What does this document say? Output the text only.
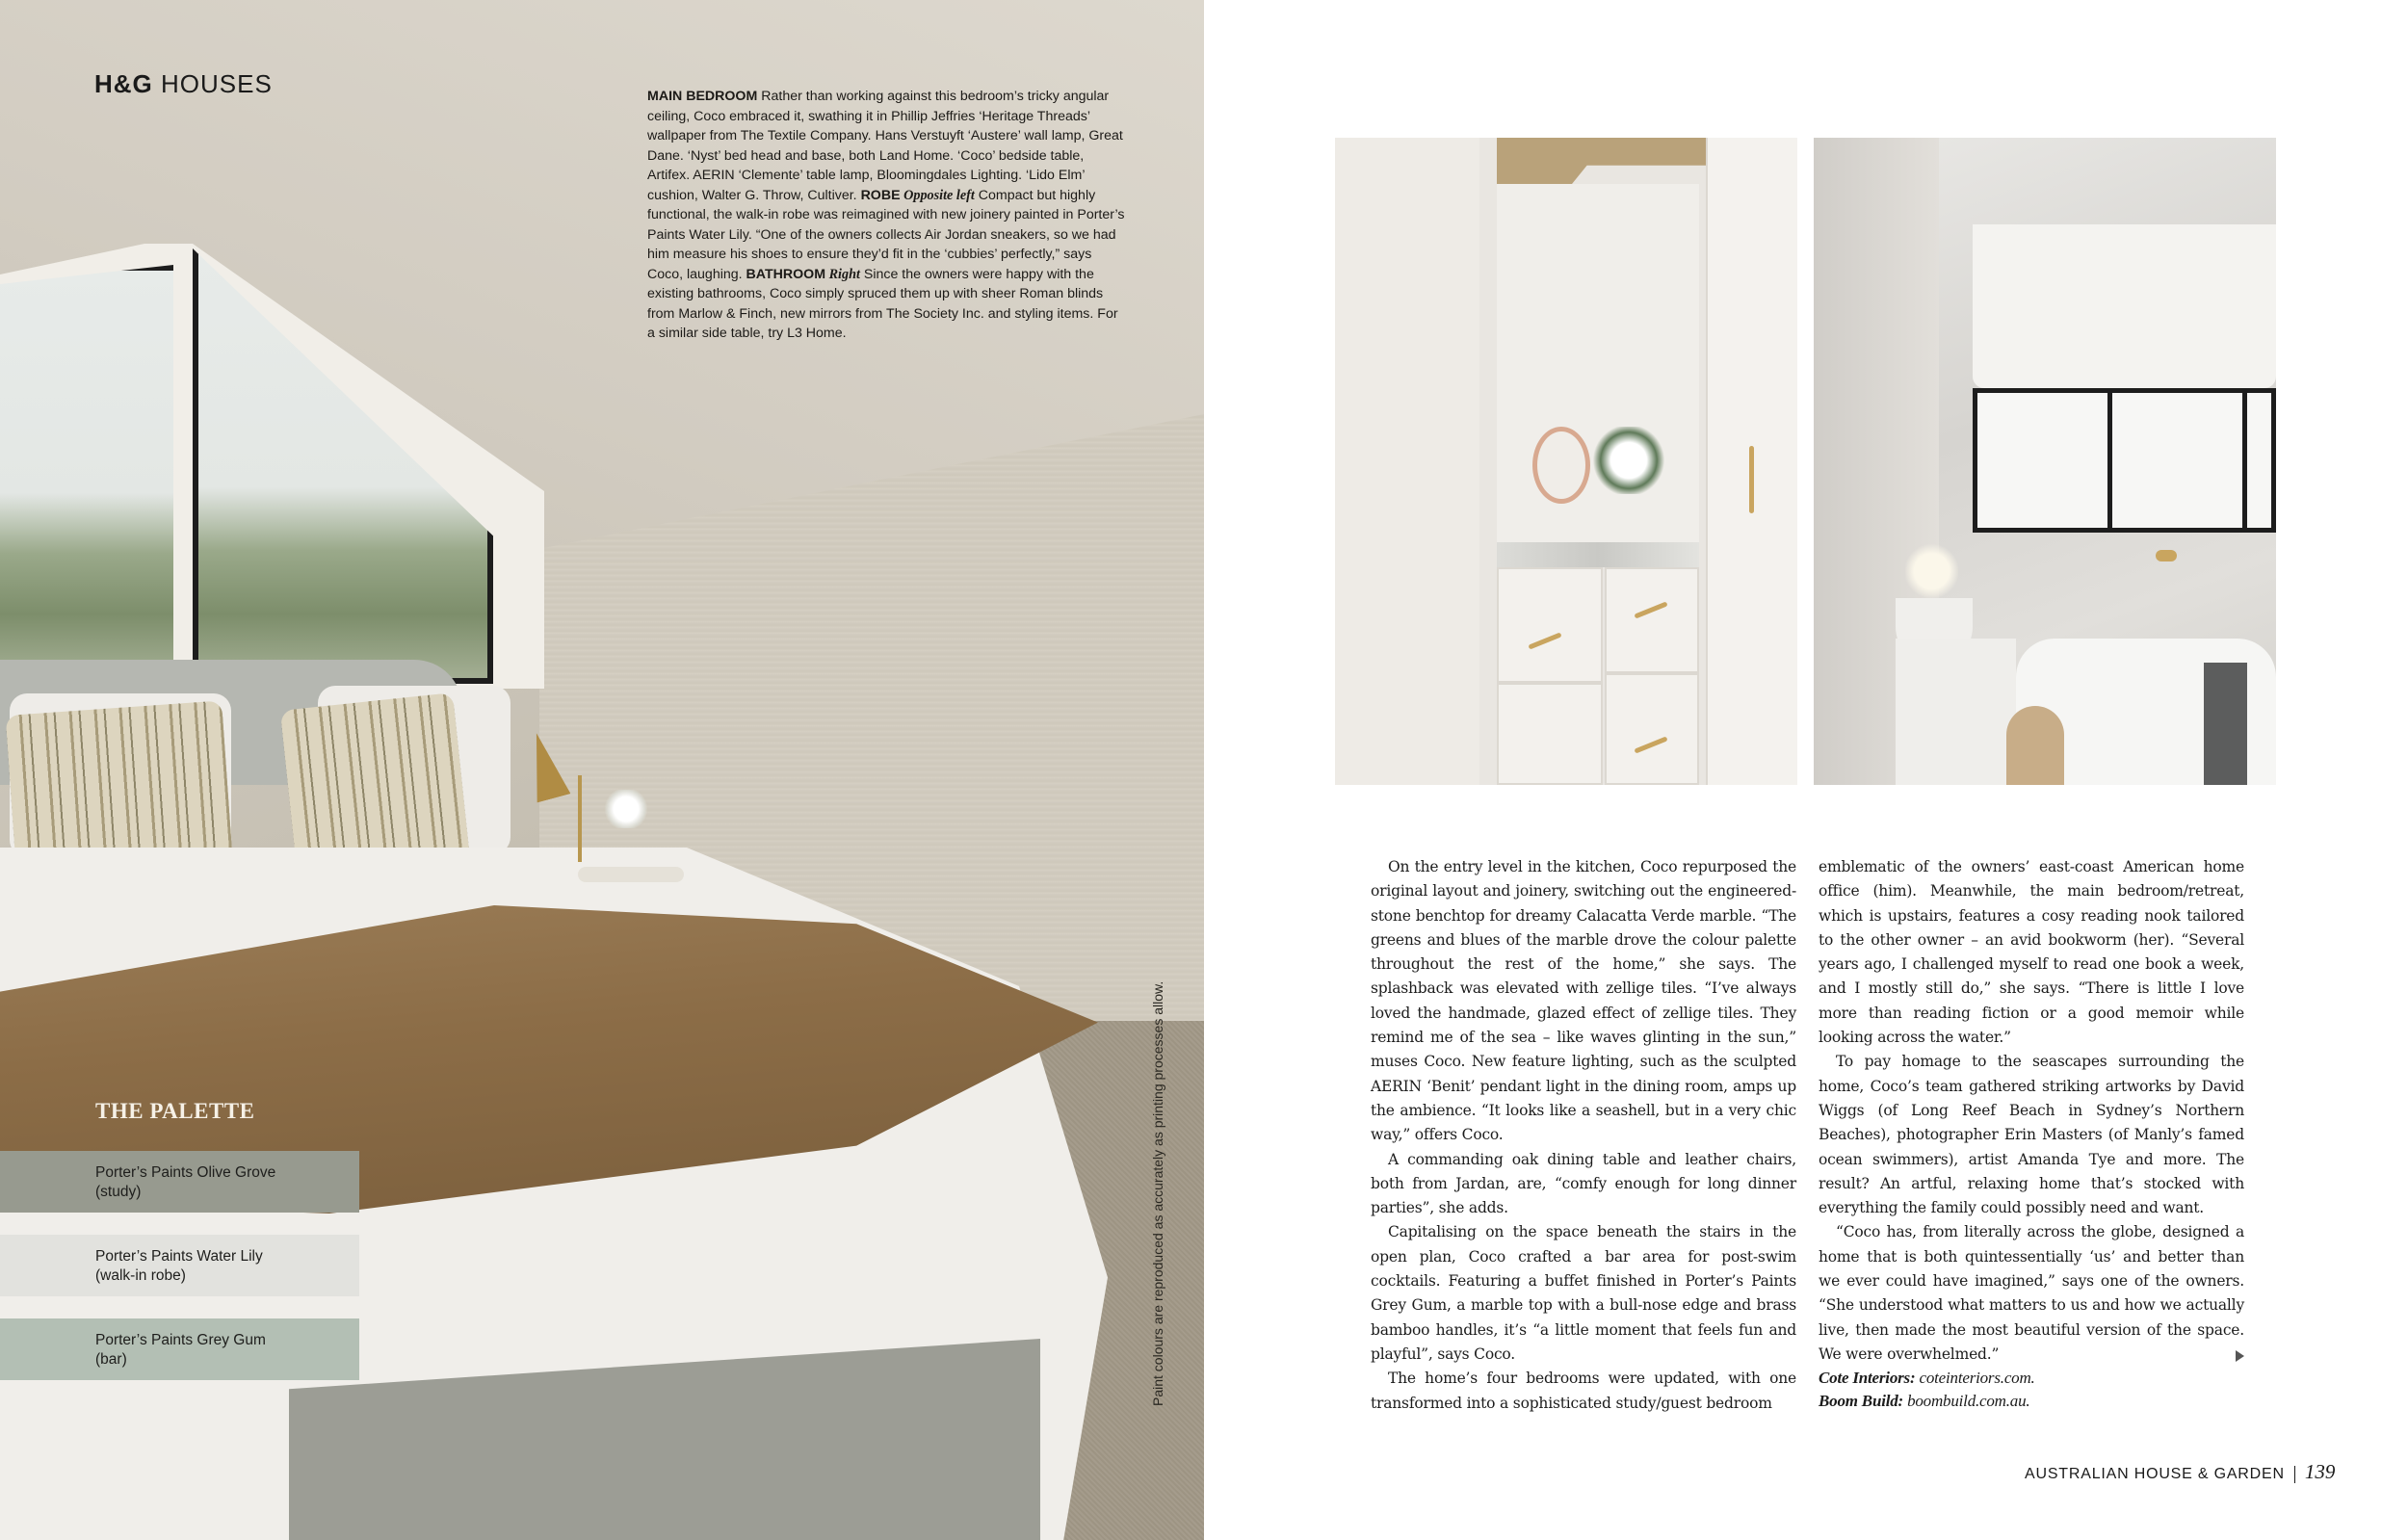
H&G HOUSES	MAIN BEDROOM Rather than working against this bedroom’s tricky angular ceiling, Coco embraced it, swathing it in Phillip Jeffries ‘Heritage Threads’ wallpaper from The Textile Company. Hans Verstuyft ‘Austere’ wall lamp, Great Dane. ‘Nyst’ bed head and base, both Land Home. ‘Coco’ bedside table, Artifex. AERIN ‘Clemente’ table lamp, Bloomingdales Lighting. ‘Lido Elm’ cushion, Walter G. Throw, Cultiver. ROBE Opposite left Compact but highly functional, the walk-in robe was reimagined with new joinery painted in Porter’s Paints Water Lily. “One of the owners collects Air Jordan sneakers, so we had him measure his shoes to ensure they’d fit in the ‘cubbies’ perfectly,” says Coco, laughing. BATHROOM Right Since the owners were happy with the existing bathrooms, Coco simply spruced them up with sheer Roman blinds from Marlow & Finch, new mirrors from The Society Inc. and styling items. For a similar side table, try L3 Home.
THE PALETTE
Porter’s Paints Olive Grove
(study)
Porter’s Paints Water Lily
(walk-in robe)
Porter’s Paints Grey Gum
(bar)	Paint colours are reproduced as accurately as printing processes allow.

On the entry level in the kitchen, Coco repurposed the original layout and joinery, switching out the engineered-stone benchtop for dreamy Calacatta Verde marble. “The greens and blues of the marble drove the colour palette throughout the rest of the home,” she says. The splashback was elevated with zellige tiles. “I’ve always loved the handmade, glazed effect of zellige tiles. They remind me of the sea – like waves glinting in the sun,” muses Coco. New feature lighting, such as the sculpted AERIN ‘Benit’ pendant light in the dining room, amps up the ambience. “It looks like a seashell, but in a very chic way,” offers Coco.

A commanding oak dining table and leather chairs, both from Jardan, are, “comfy enough for long dinner parties”, she adds.

Capitalising on the space beneath the stairs in the open plan, Coco crafted a bar area for post-swim cocktails. Featuring a buffet finished in Porter’s Paints Grey Gum, a marble top with a bull-nose edge and brass bamboo handles, it’s “a little moment that feels fun and playful”, says Coco.

The home’s four bedrooms were updated, with one transformed into a sophisticated study/guest bedroom

emblematic of the owners’ east-coast American home office (him). Meanwhile, the main bedroom/retreat, which is upstairs, features a cosy reading nook tailored to the other owner – an avid bookworm (her). “Several years ago, I challenged myself to read one book a week, and I mostly still do,” she says. “There is little I love more than reading fiction or a good memoir while looking across the water.”

To pay homage to the seascapes surrounding the home, Coco’s team gathered striking artworks by David Wiggs (of Long Reef Beach in Sydney’s Northern Beaches), photographer Erin Masters (of Manly’s famed ocean swimmers), artist Amanda Tye and more. The result? An artful, relaxing home that’s stocked with everything the family could possibly need and want.

“Coco has, from literally across the globe, designed a home that is both quintessentially ‘us’ and better than we ever could have imagined,” says one of the owners. “She understood what matters to us and how we actually live, then made the most beautiful version of the space. We were overwhelmed.”

Cote Interiors: coteinteriors.com.
Boom Build: boombuild.com.au.
AUSTRALIAN HOUSE & GARDEN 139
